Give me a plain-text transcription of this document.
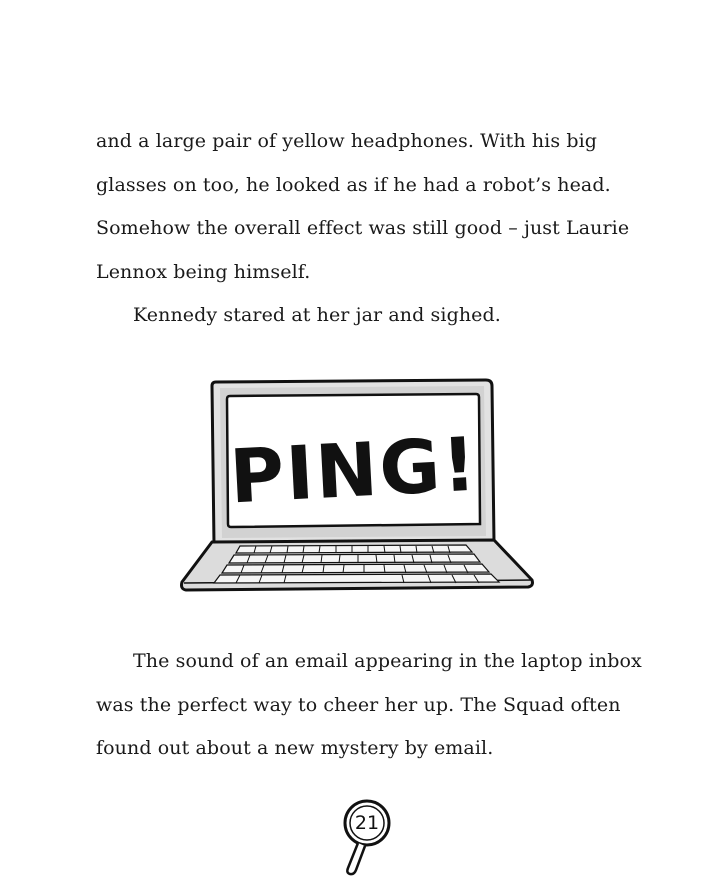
and a large pair of yellow headphones. With his big
glasses on too, he looked as if he had a robot’s head.
Somehow the overall effect was still good – just Laurie
Lennox being himself.
Kennedy stared at her jar and sighed.
PING!
The sound of an email appearing in the laptop inbox
was the perfect way to cheer her up. The Squad often
found out about a new mystery by email.
21
